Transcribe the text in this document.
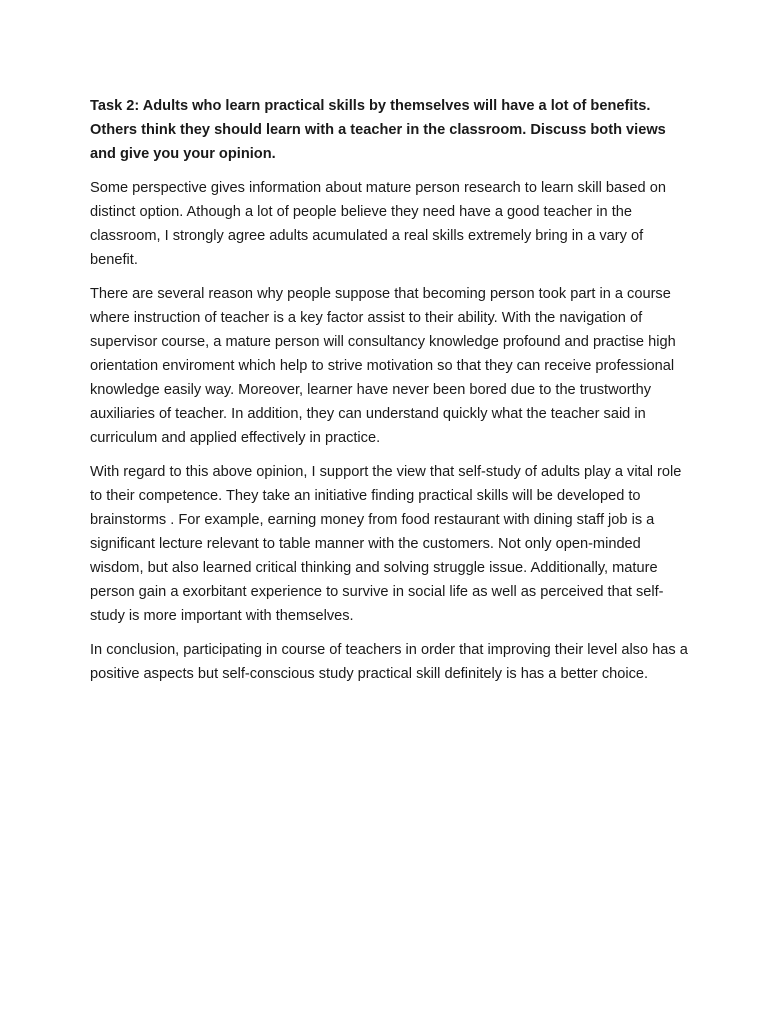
Task 2: Adults who learn practical skills by themselves will have a lot of benefits. Others think they should learn with a teacher in the classroom. Discuss both views and give you your opinion.

Some perspective gives information about mature person research to learn skill based on distinct option. Athough a lot of people believe they need have a good teacher in the classroom, I strongly agree adults acumulated a real skills extremely bring in a vary of benefit.

There are several reason why people suppose that becoming person took part in a course where instruction of teacher is a key factor assist to their ability. With the navigation of supervisor course, a mature person will consultancy knowledge profound and practise high orientation enviroment which help to strive motivation so that they can receive professional knowledge easily way. Moreover, learner have never been bored due to the trustworthy auxiliaries of teacher. In addition, they can understand quickly what the teacher said in curriculum and applied effectively in practice.

With regard to this above opinion, I support the view that self-study of adults play a vital role to their competence. They take an initiative finding practical skills will be developed to brainstorms . For example, earning money from food restaurant with dining staff job is a significant lecture relevant to table manner with the customers. Not only open-minded wisdom, but also learned critical thinking and solving struggle issue. Additionally, mature person gain a exorbitant experience to survive in social life as well as perceived that self-study is more important with themselves.

In conclusion, participating in course of teachers in order that improving their level also has a positive aspects but self-conscious study practical skill definitely is has a better choice.
